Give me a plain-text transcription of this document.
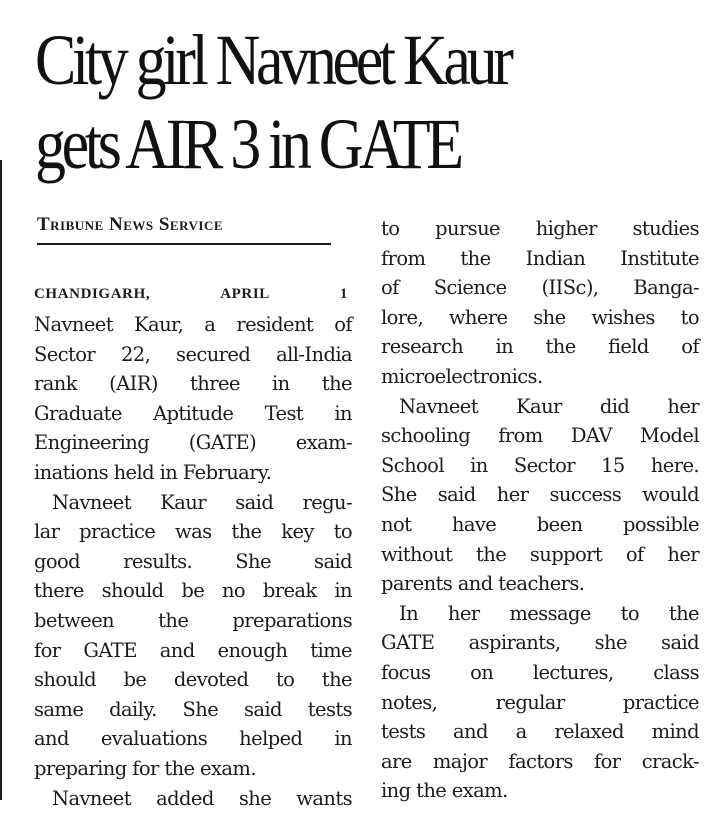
City girl Navneet Kaur
gets AIR 3 in GATE
Tribune News Service
CHANDIGARH, APRIL 1
Navneet Kaur, a resident of
Sector 22, secured all-India
rank (AIR) three in the
Graduate Aptitude Test in
Engineering (GATE) exam-
inations held in February.
Navneet Kaur said regu-
lar practice was the key to
good results. She said
there should be no break in
between the preparations
for GATE and enough time
should be devoted to the
same daily. She said tests
and evaluations helped in
preparing for the exam.
Navneet added she wants
to pursue higher studies
from the Indian Institute
of Science (IISc), Banga-
lore, where she wishes to
research in the field of
microelectronics.
Navneet Kaur did her
schooling from DAV Model
School in Sector 15 here.
She said her success would
not have been possible
without the support of her
parents and teachers.
In her message to the
GATE aspirants, she said
focus on lectures, class
notes, regular practice
tests and a relaxed mind
are major factors for crack-
ing the exam.
